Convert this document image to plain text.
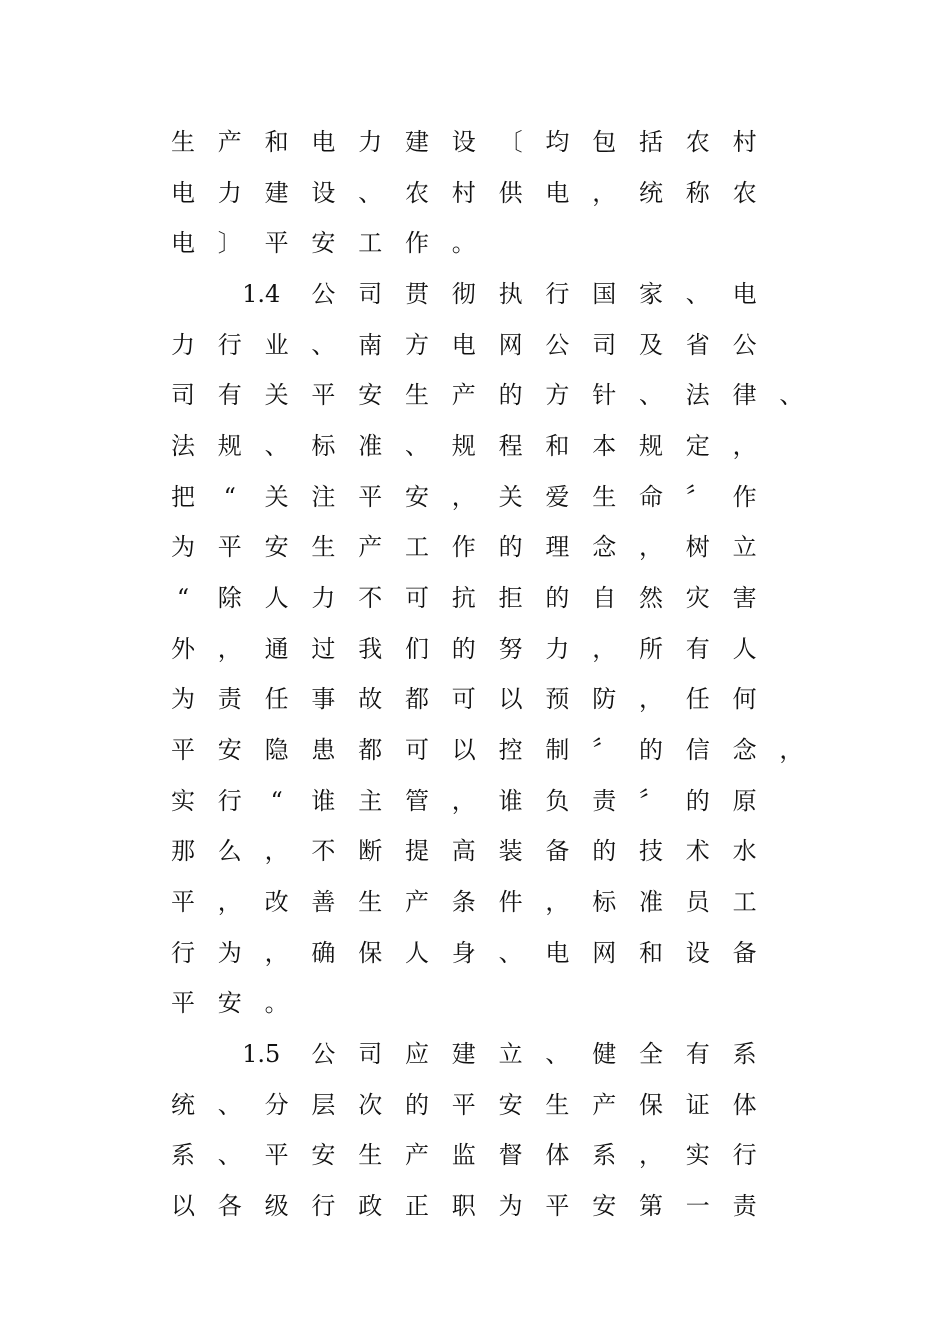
生 产 和 电 力 建 设 〔 均 包 括 农 村
电 力 建 设 、 农 村 供 电 ， 统 称 农
电 〕 平 安 工 作 。
1.4	公 司 贯 彻 执 行 国 家 、 电
力 行 业 、 南 方 电 网 公 司 及 省 公
司 有 关 平 安 生 产 的 方 针 、 法 律 、
法 规 、 标 准 、 规 程 和 本 规 定 ，
把	“	关 注 平 安 ， 关 爱 生 命 〞 作
为 平 安 生 产 工 作 的 理 念 ， 树 立
“	除 人 力 不 可 抗 拒 的 自 然 灾 害
外 ， 通 过 我 们 的 努 力 ， 所 有 人
为 责 任 事 故 都 可 以 预 防 ， 任 何
平 安 隐 患 都 可 以 控 制 〞 的 信 念 ，
实 行	“	谁 主 管 ， 谁 负 责 〞 的 原
那 么 ， 不 断 提 高 装 备 的 技 术 水
平 ， 改 善 生 产 条 件 ， 标 准 员 工
行 为 ， 确 保 人 身 、 电 网 和 设 备
平 安 。
1.5	公 司 应 建 立 、 健 全 有 系
统 、 分 层 次 的 平 安 生 产 保 证 体
系 、 平 安 生 产 监 督 体 系 ， 实 行
以 各 级 行 政 正 职 为 平 安 第 一 责
